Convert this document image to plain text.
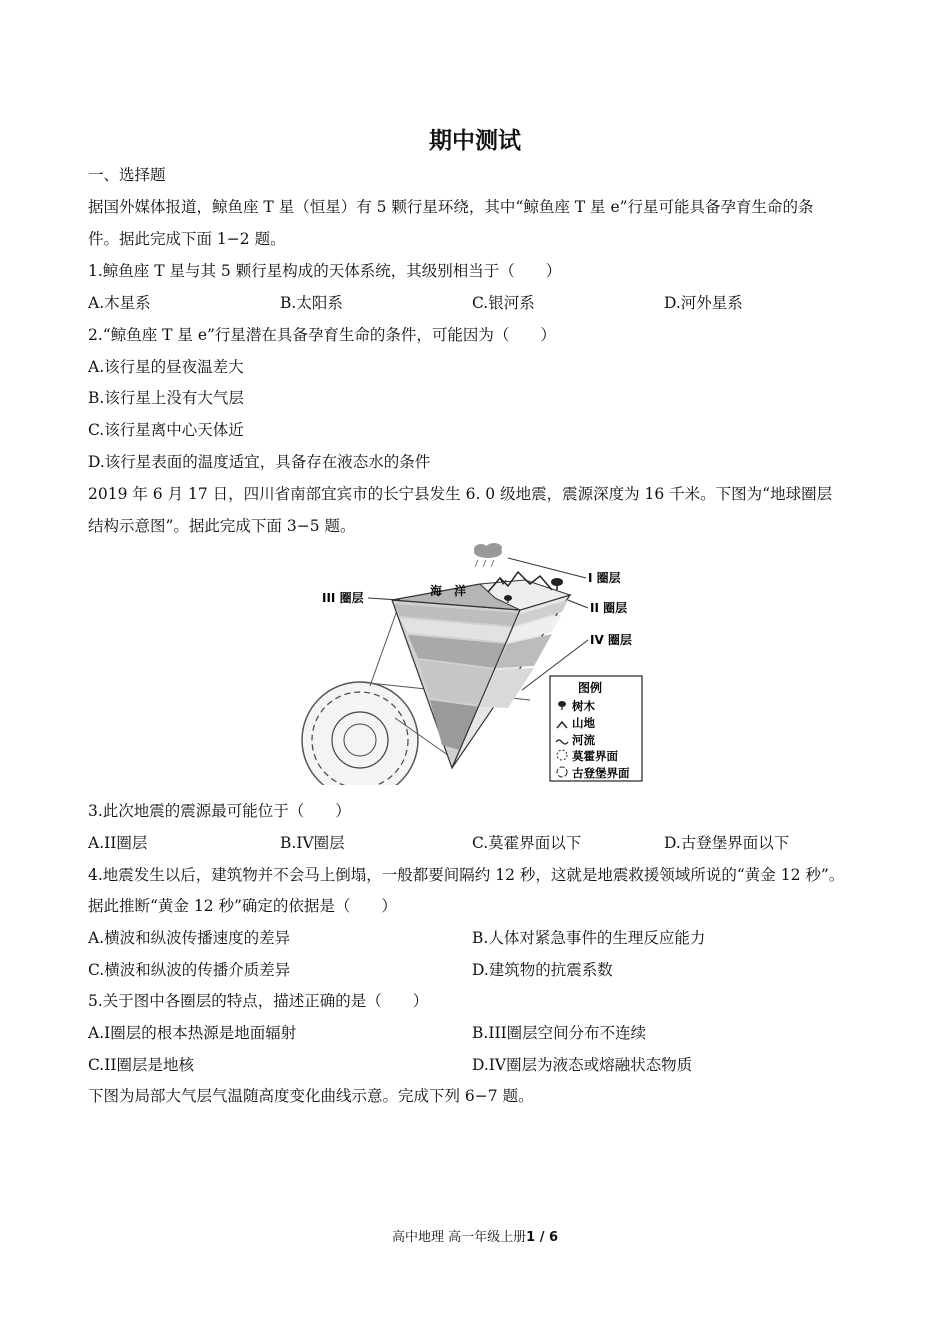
期中测试
一、选择题
据国外媒体报道，鲸鱼座 T 星（恒星）有 5 颗行星环绕，其中“鲸鱼座 T 星 e”行星可能具备孕育生命的条
件。据此完成下面 1−2 题。
1.鲸鱼座 T 星与其 5 颗行星构成的天体系统，其级别相当于（　　）
A.木星系	B.太阳系	C.银河系	D.河外星系
2.“鲸鱼座 T 星 e”行星潜在具备孕育生命的条件，可能因为（　　）
A.该行星的昼夜温差大
B.该行星上没有大气层
C.该行星离中心天体近
D.该行星表面的温度适宜，具备存在液态水的条件
2019 年 6 月 17 日，四川省南部宜宾市的长宁县发生 6. 0 级地震，震源深度为 16 千米。下图为“地球圈层
结构示意图”。据此完成下面 3−5 题。
海　洋
III 圈层
I 圈层
II 圈层
IV 圈层
图例
树木
山地
河流
莫霍界面
古登堡界面
3.此次地震的震源最可能位于（　　）
A.II圈层	B.IV圈层	C.莫霍界面以下	D.古登堡界面以下
4.地震发生以后，建筑物并不会马上倒塌，一般都要间隔约 12 秒，这就是地震救援领域所说的“黄金 12 秒”。
据此推断“黄金 12 秒”确定的依据是（　　）
A.横波和纵波传播速度的差异	B.人体对紧急事件的生理反应能力
C.横波和纵波的传播介质差异	D.建筑物的抗震系数
5.关于图中各圈层的特点，描述正确的是（　　）
A.I圈层的根本热源是地面辐射	B.III圈层空间分布不连续
C.II圈层是地核	D.IV圈层为液态或熔融状态物质
下图为局部大气层气温随高度变化曲线示意。完成下列 6−7 题。
高中地理 高一年级上册1 / 6
